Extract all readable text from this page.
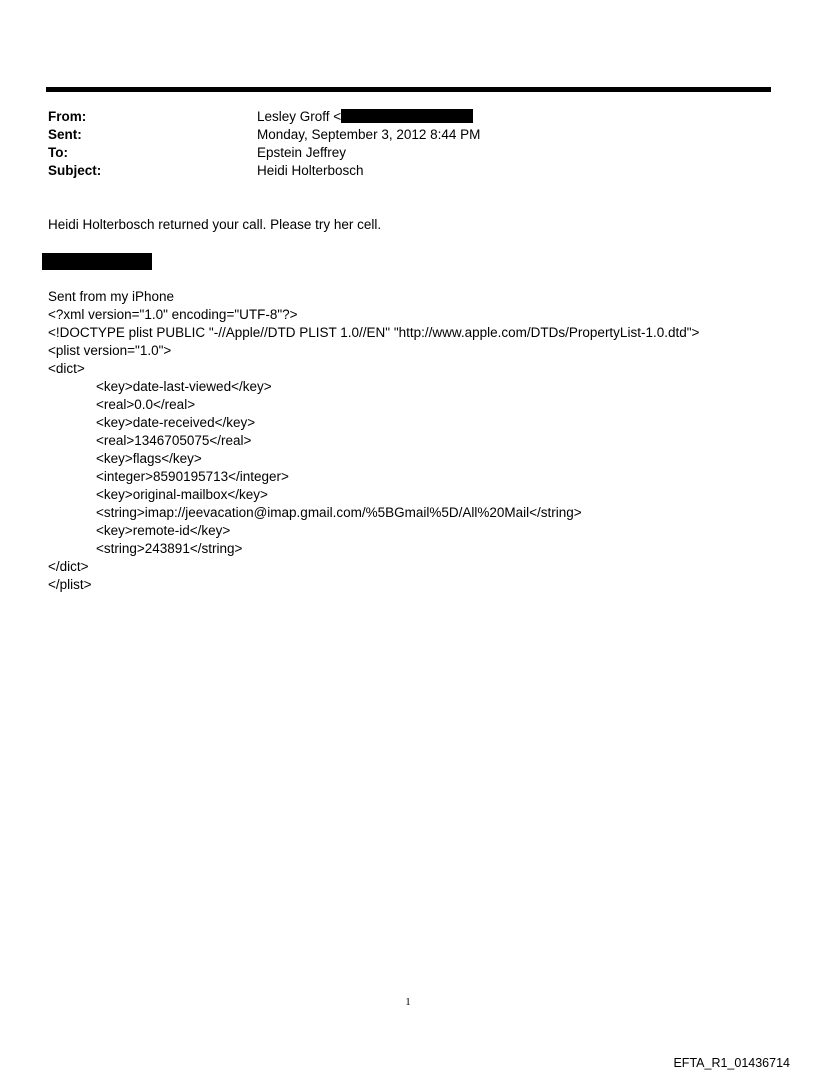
From:	Lesley Groff <
Sent:	Monday, September 3, 2012 8:44 PM
To:	Epstein Jeffrey
Subject:	Heidi Holterbosch
Heidi Holterbosch returned your call. Please try her cell.
Sent from my iPhone
<?xml version="1.0" encoding="UTF-8"?>
<!DOCTYPE plist PUBLIC "-//Apple//DTD PLIST 1.0//EN" "http://www.apple.com/DTDs/PropertyList-1.0.dtd">
<plist version="1.0">
<dict>
<key>date-last-viewed</key>
<real>0.0</real>
<key>date-received</key>
<real>1346705075</real>
<key>flags</key>
<integer>8590195713</integer>
<key>original-mailbox</key>
<string>imap://jeevacation@imap.gmail.com/%5BGmail%5D/All%20Mail</string>
<key>remote-id</key>
<string>243891</string>
</dict>
</plist>
1
EFTA_R1_01436714
